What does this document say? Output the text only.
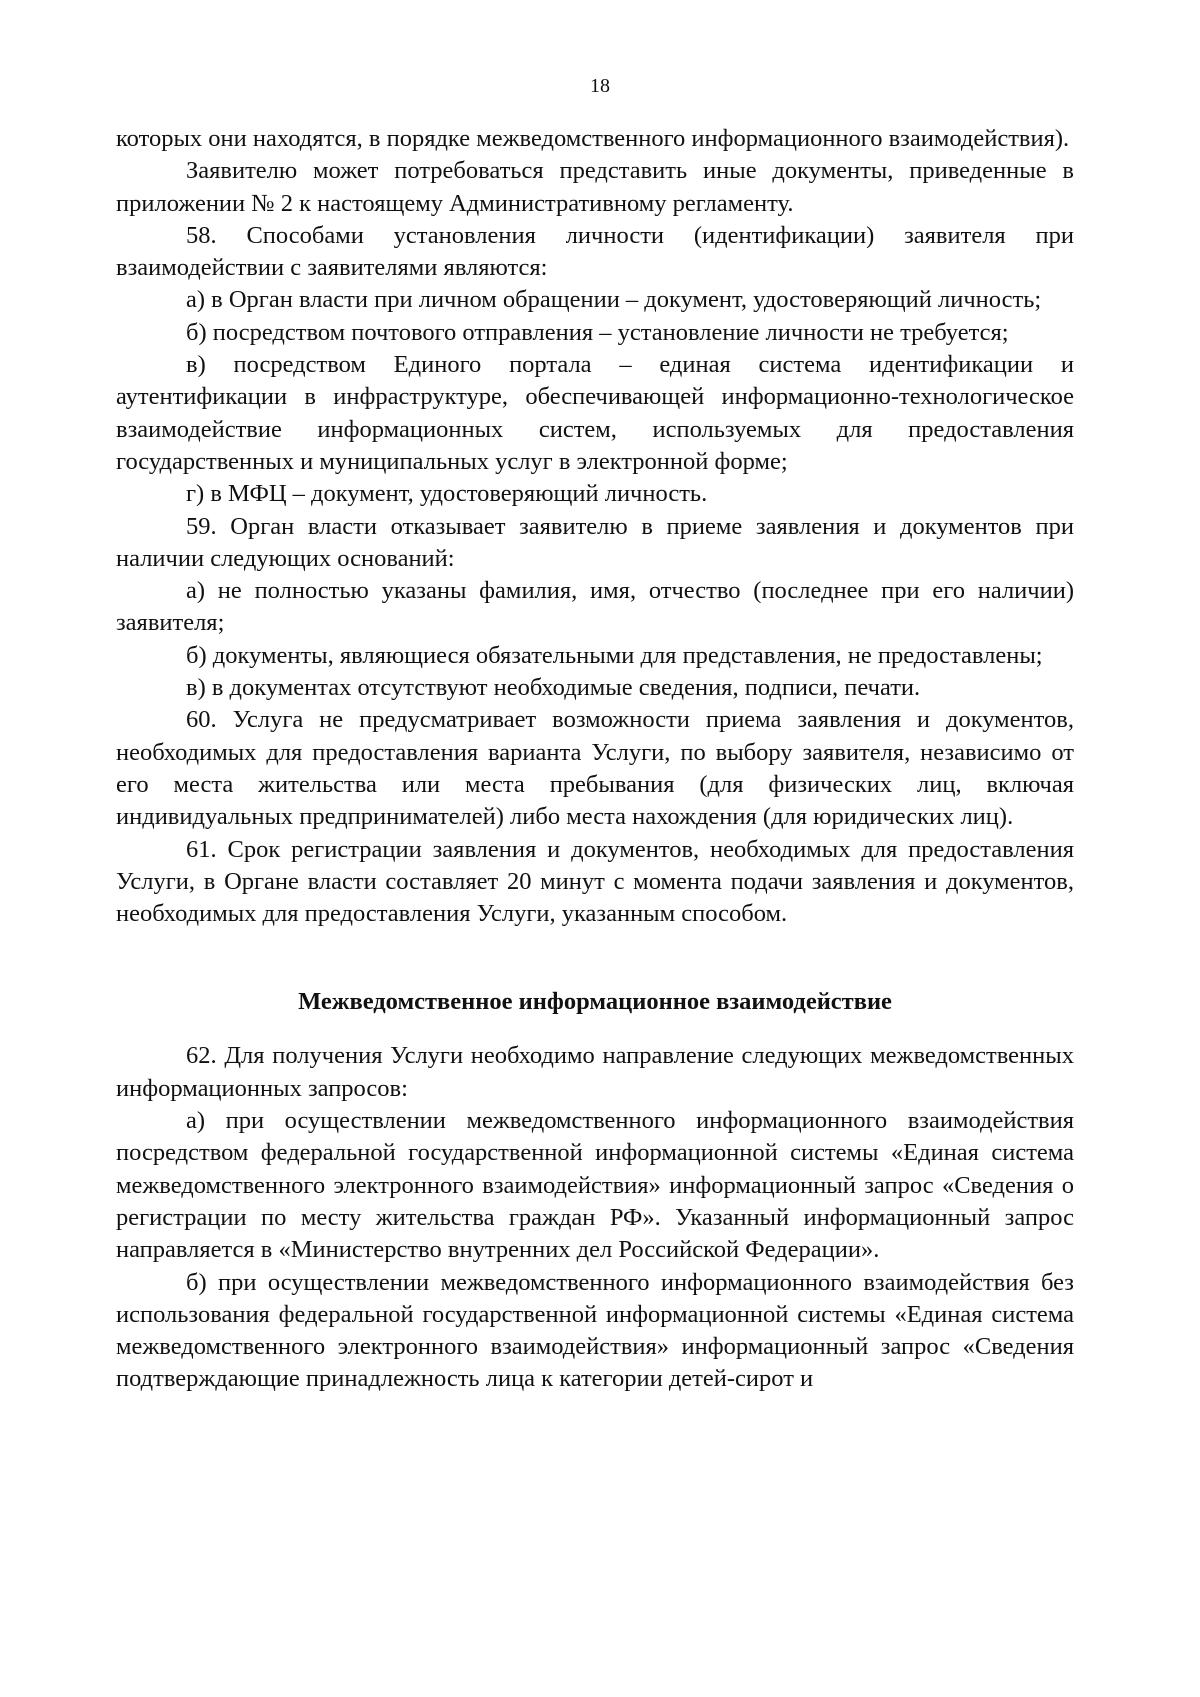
18

которых они находятся, в порядке межведомственного информационного взаимодействия).

Заявителю может потребоваться представить иные документы, приведенные в приложении № 2 к настоящему Административному регламенту.

58. Способами установления личности (идентификации) заявителя при взаимодействии с заявителями являются:

а) в Орган власти при личном обращении – документ, удостоверяющий личность;

б) посредством почтового отправления – установление личности не требуется;

в) посредством Единого портала – единая система идентификации и аутентификации в инфраструктуре, обеспечивающей информационно-технологическое взаимодействие информационных систем, используемых для предоставления государственных и муниципальных услуг в электронной форме;

г) в МФЦ – документ, удостоверяющий личность.

59. Орган власти отказывает заявителю в приеме заявления и документов при наличии следующих оснований:

а) не полностью указаны фамилия, имя, отчество (последнее при его наличии) заявителя;

б) документы, являющиеся обязательными для представления, не предоставлены;

в) в документах отсутствуют необходимые сведения, подписи, печати.

60. Услуга не предусматривает возможности приема заявления и документов, необходимых для предоставления варианта Услуги, по выбору заявителя, независимо от его места жительства или места пребывания (для физических лиц, включая индивидуальных предпринимателей) либо места нахождения (для юридических лиц).

61. Срок регистрации заявления и документов, необходимых для предоставления Услуги, в Органе власти составляет 20 минут с момента подачи заявления и документов, необходимых для предоставления Услуги, указанным способом.

Межведомственное информационное взаимодействие

62. Для получения Услуги необходимо направление следующих межведомственных информационных запросов:

а) при осуществлении межведомственного информационного взаимодействия посредством федеральной государственной информационной системы «Единая система межведомственного электронного взаимодействия» информационный запрос «Сведения о регистрации по месту жительства граждан РФ». Указанный информационный запрос направляется в «Министерство внутренних дел Российской Федерации».

б) при осуществлении межведомственного информационного взаимодействия без использования федеральной государственной информационной системы «Единая система межведомственного электронного взаимодействия» информационный запрос «Сведения подтверждающие принадлежность лица к категории детей-сирот и
